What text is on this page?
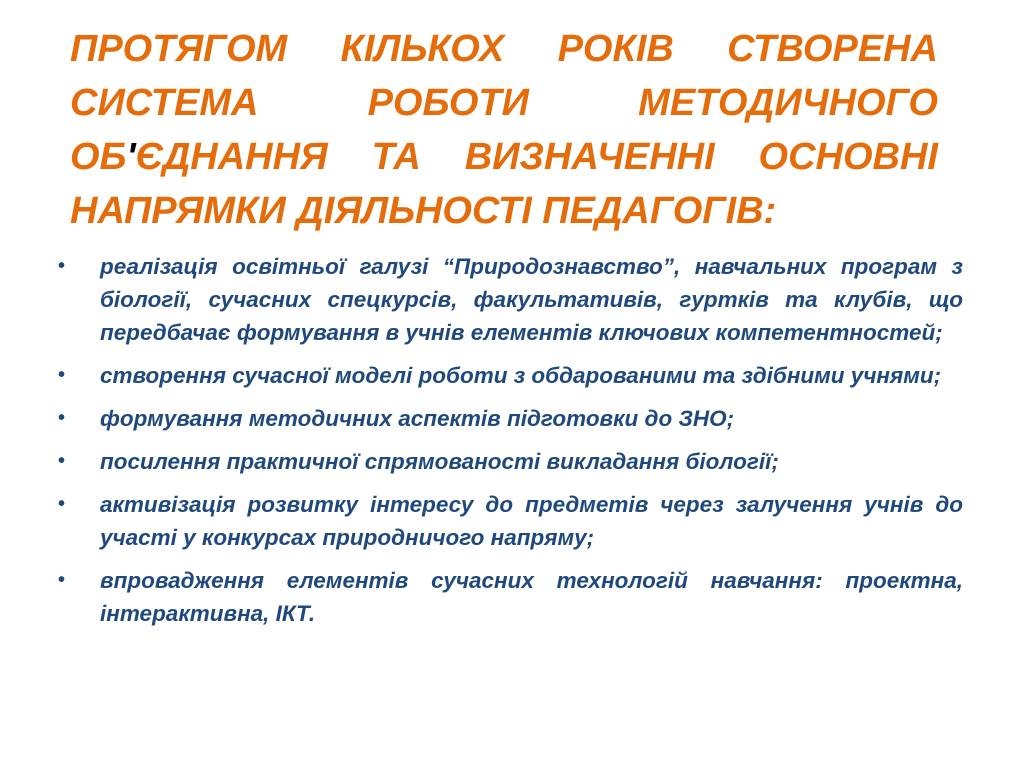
ПРОТЯГОМ КІЛЬКОХ РОКІВ СТВОРЕНА СИСТЕМА РОБОТИ МЕТОДИЧНОГО ОБ'ЄДНАННЯ ТА ВИЗНАЧЕННІ ОСНОВНІ НАПРЯМКИ ДІЯЛЬНОСТІ ПЕДАГОГІВ:
• реалізація освітньої галузі “Природознавство”, навчальних програм з біології, сучасних спецкурсів, факультативів, гуртків та клубів, що передбачає формування в учнів елементів ключових компетентностей;
• створення сучасної моделі роботи з обдарованими та здібними учнями;
• формування методичних аспектів підготовки до ЗНО;
• посилення практичної спрямованості викладання біології;
• активізація розвитку інтересу до предметів через залучення учнів до участі у конкурсах природничого напряму;
• впровадження елементів сучасних технологій навчання: проектна, інтерактивна, ІКТ.
